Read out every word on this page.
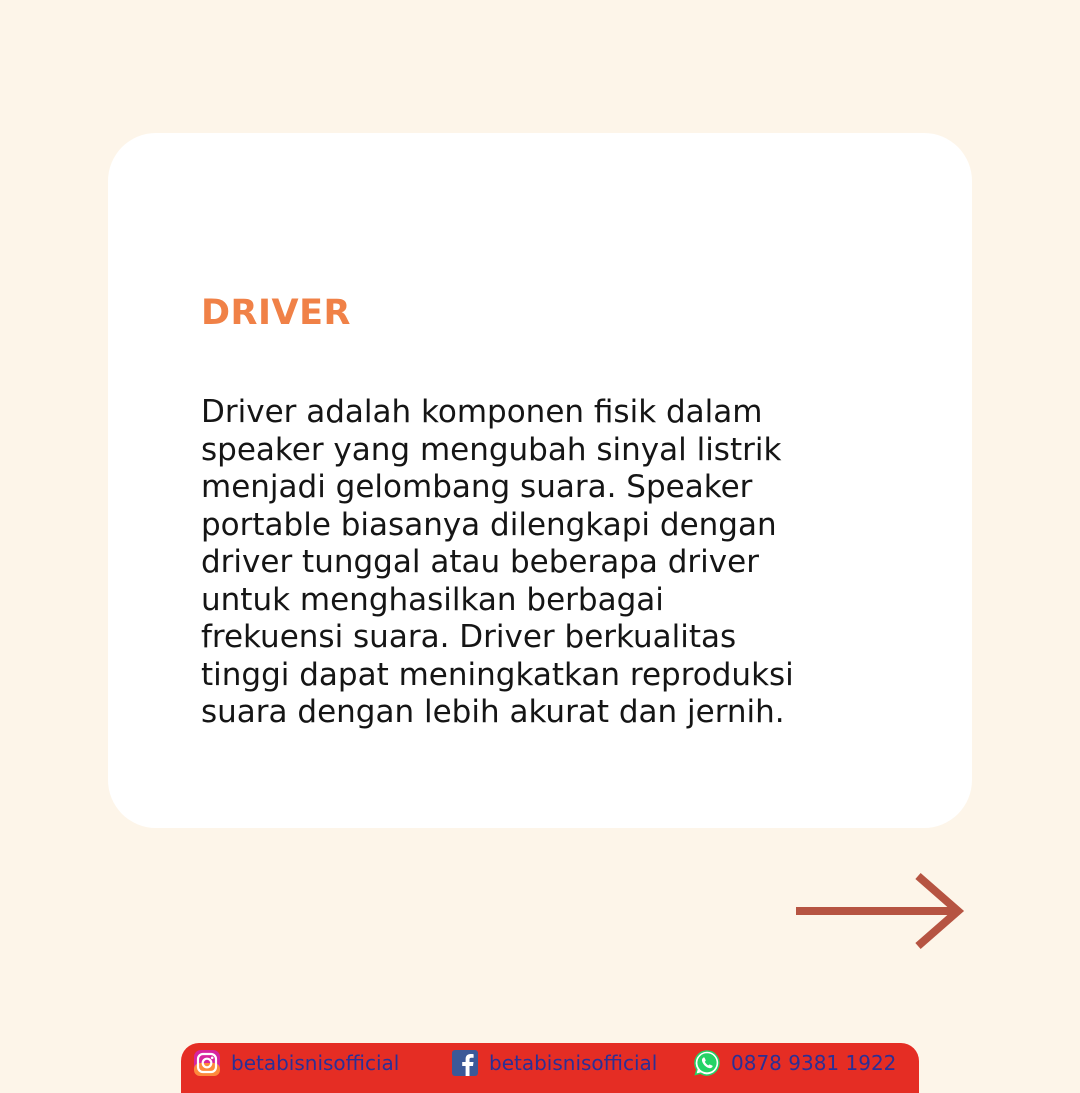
DRIVER

Driver adalah komponen fisik dalam
speaker yang mengubah sinyal listrik
menjadi gelombang suara. Speaker
portable biasanya dilengkapi dengan
driver tunggal atau beberapa driver
untuk menghasilkan berbagai
frekuensi suara. Driver berkualitas
tinggi dapat meningkatkan reproduksi
suara dengan lebih akurat dan jernih.

betabisnisofficial	betabisnisofficial	0878 9381 1922
